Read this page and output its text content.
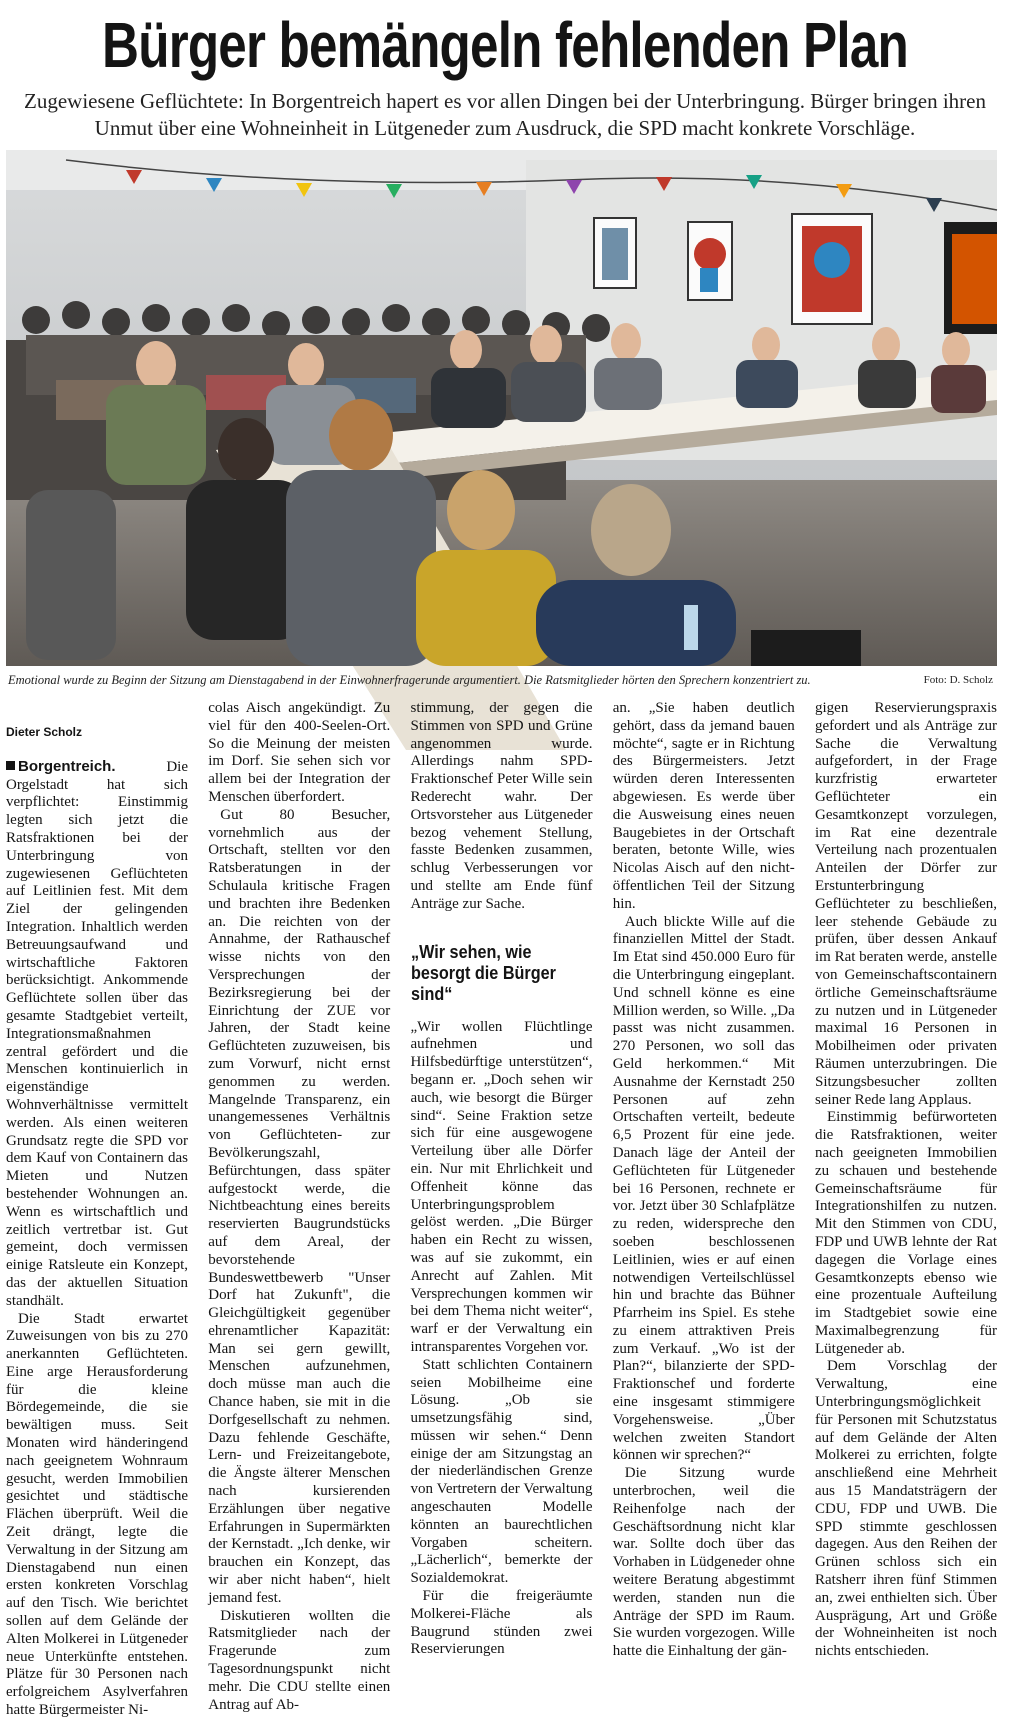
Bürger bemängeln fehlenden Plan
Zugewiesene Geflüchtete: In Borgentreich hapert es vor allen Dingen bei der Unterbringung. Bürger bringen ihren Unmut über eine Wohneinheit in Lütgeneder zum Ausdruck, die SPD macht konkrete Vorschläge.
Emotional wurde zu Beginn der Sitzung am Dienstagabend in der Einwohnerfragerunde argumentiert. Die Ratsmitglieder hörten den Sprechern konzentriert zu.	Foto: D. Scholz
Dieter Scholz

Borgentreich.	Die Orgelstadt hat sich verpflichtet: Einstimmig legten sich jetzt die Ratsfraktionen bei der Unterbringung von zugewiesenen Geflüchteten auf Leitlinien fest. Mit dem Ziel der gelingenden Integration. Inhaltlich werden Betreuungsaufwand und wirtschaftliche Faktoren berücksichtigt. Ankommende Geflüchtete sollen über das gesamte Stadtgebiet verteilt, Integrationsmaßnahmen zentral gefördert und die Menschen kontinuierlich in eigenständige Wohnverhältnisse vermittelt werden. Als einen weiteren Grundsatz regte die SPD vor dem Kauf von Containern das Mieten und Nutzen bestehender Wohnungen an. Wenn es wirtschaftlich und zeitlich vertretbar ist. Gut gemeint, doch vermissen einige Ratsleute ein Konzept, das der aktuellen Situation standhält.

Die Stadt erwartet Zuweisungen von bis zu 270 anerkannten Geflüchteten. Eine arge Herausforderung für die kleine Bördegemeinde, die sie bewältigen muss. Seit Monaten wird händeringend nach geeignetem Wohnraum gesucht, werden Immobilien gesichtet und städtische Flächen überprüft. Weil die Zeit drängt, legte die Verwaltung in der Sitzung am Dienstagabend nun einen ersten konkreten Vorschlag auf den Tisch. Wie berichtet sollen auf dem Gelände der Alten Molkerei in Lütgeneder neue Unterkünfte entstehen. Plätze für 30 Personen nach erfolgreichem Asylverfahren hatte Bürgermeister Ni-

colas Aisch angekündigt. Zu viel für den 400-Seelen-Ort. So die Meinung der meisten im Dorf. Sie sehen sich vor allem bei der Integration der Menschen überfordert.

Gut 80 Besucher, vornehmlich aus der Ortschaft, stellten vor den Ratsberatungen in der Schulaula kritische Fragen und brachten ihre Bedenken an. Die reichten von der Annahme, der Rathauschef wisse nichts von den Versprechungen der Bezirksregierung bei der Einrichtung der ZUE vor Jahren, der Stadt keine Geflüchteten zuzuweisen, bis zum Vorwurf, nicht ernst genommen zu werden. Mangelnde Transparenz, ein unangemessenes Verhältnis von Geflüchteten- zur Bevölkerungszahl, Befürchtungen, dass später aufgestockt werde, die Nichtbeachtung eines bereits reservierten Baugrundstücks auf dem Areal, der bevorstehende Bundeswettbewerb "Unser Dorf hat Zukunft", die Gleichgültigkeit gegenüber ehrenamtlicher Kapazität: Man sei gern gewillt, Menschen aufzunehmen, doch müsse man auch die Chance haben, sie mit in die Dorfgesellschaft zu nehmen. Dazu fehlende Geschäfte, Lern- und Freizeitangebote, die Ängste älterer Menschen nach kursierenden Erzählungen über negative Erfahrungen in Supermärkten der Kernstadt. „Ich denke, wir brauchen ein Konzept, das wir aber nicht haben“, hielt jemand fest.

Diskutieren wollten die Ratsmitglieder nach der Fragerunde zum Tagesordnungspunkt nicht mehr. Die CDU stellte einen Antrag auf Ab-

stimmung, der gegen die Stimmen von SPD und Grüne angenommen wurde. Allerdings nahm SPD-Fraktionschef Peter Wille sein Rederecht wahr. Der Ortsvorsteher aus Lütgeneder bezog vehement Stellung, fasste Bedenken zusammen, schlug Verbesserungen vor und stellte am Ende fünf Anträge zur Sache.

„Wir sehen, wie besorgt die Bürger sind“

„Wir wollen Flüchtlinge aufnehmen und Hilfsbedürftige unterstützen“, begann er. „Doch sehen wir auch, wie besorgt die Bürger sind“. Seine Fraktion setze sich für eine ausgewogene Verteilung über alle Dörfer ein. Nur mit Ehrlichkeit und Offenheit könne das Unterbringungsproblem gelöst werden. „Die Bürger haben ein Recht zu wissen, was auf sie zukommt, ein Anrecht auf Zahlen. Mit Versprechungen kommen wir bei dem Thema nicht weiter“, warf er der Verwaltung ein intransparentes Vorgehen vor.

Statt schlichten Containern seien Mobilheime eine Lösung. „Ob sie umsetzungsfähig sind, müssen wir sehen.“ Denn einige der am Sitzungstag an der niederländischen Grenze von Vertretern der Verwaltung angeschauten Modelle könnten an baurechtlichen Vorgaben scheitern. „Lächerlich“, bemerkte der Sozialdemokrat.

Für die freigeräumte Molkerei-Fläche als Baugrund stünden zwei Reservierungen

an. „Sie haben deutlich gehört, dass da jemand bauen möchte“, sagte er in Richtung des Bürgermeisters. Jetzt würden deren Interessenten abgewiesen. Es werde über die Ausweisung eines neuen Baugebietes in der Ortschaft beraten, betonte Wille, wies Nicolas Aisch auf den nicht-öffentlichen Teil der Sitzung hin.

Auch blickte Wille auf die finanziellen Mittel der Stadt. Im Etat sind 450.000 Euro für die Unterbringung eingeplant. Und schnell könne es eine Million werden, so Wille. „Da passt was nicht zusammen. 270 Personen, wo soll das Geld herkommen.“ Mit Ausnahme der Kernstadt 250 Personen auf zehn Ortschaften verteilt, bedeute 6,5 Prozent für eine jede. Danach läge der Anteil der Geflüchteten für Lütgeneder bei 16 Personen, rechnete er vor. Jetzt über 30 Schlafplätze zu reden, widerspreche den soeben beschlossenen Leitlinien, wies er auf einen notwendigen Verteilschlüssel hin und brachte das Bühner Pfarrheim ins Spiel. Es stehe zu einem attraktiven Preis zum Verkauf. „Wo ist der Plan?“, bilanzierte der SPD-Fraktionschef und forderte eine insgesamt stimmigere Vorgehensweise. „Über welchen zweiten Standort können wir sprechen?“

Die Sitzung wurde unterbrochen, weil die Reihenfolge nach der Geschäftsordnung nicht klar war. Sollte doch über das Vorhaben in Lüdgeneder ohne weitere Beratung abgestimmt werden, standen nun die Anträge der SPD im Raum. Sie wurden vorgezogen. Wille hatte die Einhaltung der gän-

gigen Reservierungspraxis gefordert und als Anträge zur Sache die Verwaltung aufgefordert, in der Frage kurzfristig erwarteter Geflüchteter ein Gesamtkonzept vorzulegen, im Rat eine dezentrale Verteilung nach prozentualen Anteilen der Dörfer zur Erstunterbringung Geflüchteter zu beschließen, leer stehende Gebäude zu prüfen, über dessen Ankauf im Rat beraten werde, anstelle von Gemeinschaftscontainern örtliche Gemeinschaftsräume zu nutzen und in Lütgeneder maximal 16 Personen in Mobilheimen oder privaten Räumen unterzubringen. Die Sitzungsbesucher zollten seiner Rede lang Applaus.

Einstimmig befürworteten die Ratsfraktionen, weiter nach geeigneten Immobilien zu schauen und bestehende Gemeinschaftsräume für Integrationshilfen zu nutzen. Mit den Stimmen von CDU, FDP und UWB lehnte der Rat dagegen die Vorlage eines Gesamtkonzepts ebenso wie eine prozentuale Aufteilung im Stadtgebiet sowie eine Maximalbegrenzung für Lütgeneder ab.

Dem Vorschlag der Verwaltung, eine Unterbringungsmöglichkeit für Personen mit Schutzstatus auf dem Gelände der Alten Molkerei zu errichten, folgte anschließend eine Mehrheit aus 15 Mandatsträgern der CDU, FDP und UWB. Die SPD stimmte geschlossen dagegen. Aus den Reihen der Grünen schloss sich ein Ratsherr ihren fünf Stimmen an, zwei enthielten sich. Über Ausprägung, Art und Größe der Wohneinheiten ist noch nichts entschieden.
